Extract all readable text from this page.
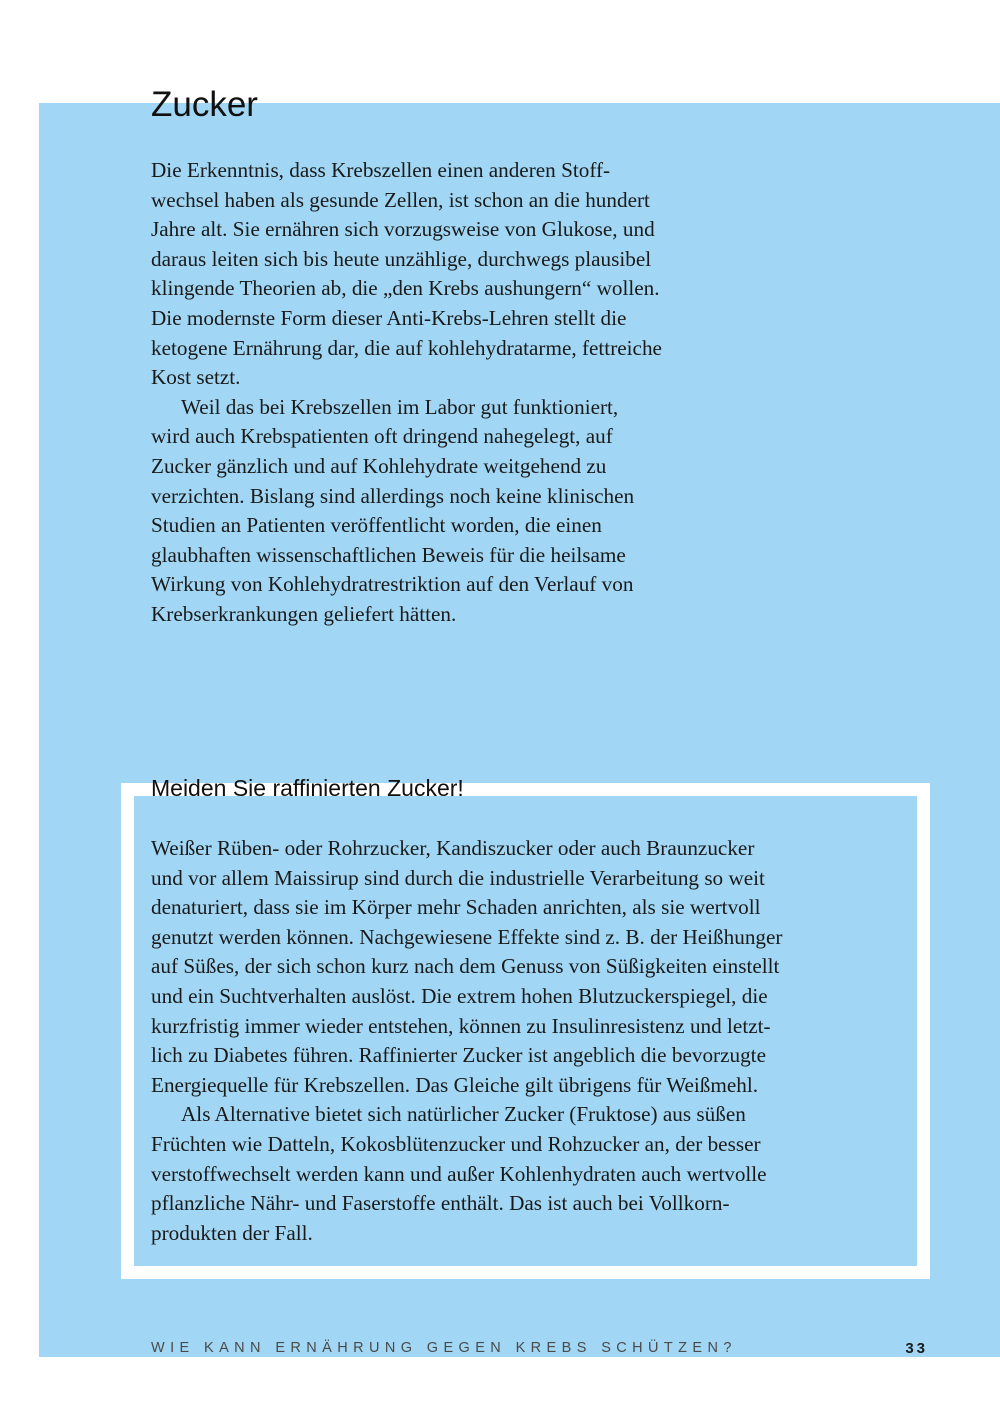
Zucker
Die Erkenntnis, dass Krebszellen einen anderen Stoff-
wechsel haben als gesunde Zellen, ist schon an die hundert
Jahre alt. Sie ernähren sich vorzugsweise von Glukose, und
daraus leiten sich bis heute unzählige, durchwegs plausibel
klingende Theorien ab, die „den Krebs aushungern“ wollen.
Die modernste Form dieser Anti-Krebs-Lehren stellt die
ketogene Ernährung dar, die auf kohlehydratarme, fettreiche
Kost setzt.
Weil das bei Krebszellen im Labor gut funktioniert,
wird auch Krebspatienten oft dringend nahegelegt, auf
Zucker gänzlich und auf Kohlehydrate weitgehend zu
verzichten. Bislang sind allerdings noch keine klinischen
Studien an Patienten veröffentlicht worden, die einen
glaubhaften wissenschaftlichen Beweis für die heilsame
Wirkung von Kohlehydratrestriktion auf den Verlauf von
Krebserkrankungen geliefert hätten.
Meiden Sie raffinierten Zucker!
Weißer Rüben- oder Rohrzucker, Kandiszucker oder auch Braunzucker
und vor allem Maissirup sind durch die industrielle Verarbeitung so weit
denaturiert, dass sie im Körper mehr Schaden anrichten, als sie wertvoll
genutzt werden können. Nachgewiesene Effekte sind z. B. der Heißhunger
auf Süßes, der sich schon kurz nach dem Genuss von Süßigkeiten einstellt
und ein Suchtverhalten auslöst. Die extrem hohen Blutzuckerspiegel, die
kurzfristig immer wieder entstehen, können zu Insulinresistenz und letzt-
lich zu Diabetes führen. Raffinierter Zucker ist angeblich die bevorzugte
Energiequelle für Krebszellen. Das Gleiche gilt übrigens für Weißmehl.
Als Alternative bietet sich natürlicher Zucker (Fruktose) aus süßen
Früchten wie Datteln, Kokosblütenzucker und Rohzucker an, der besser
verstoffwechselt werden kann und außer Kohlenhydraten auch wertvolle
pflanzliche Nähr- und Faserstoffe enthält. Das ist auch bei Vollkorn-
produkten der Fall.
WIE KANN ERNÄHRUNG GEGEN KREBS SCHÜTZEN?	33
